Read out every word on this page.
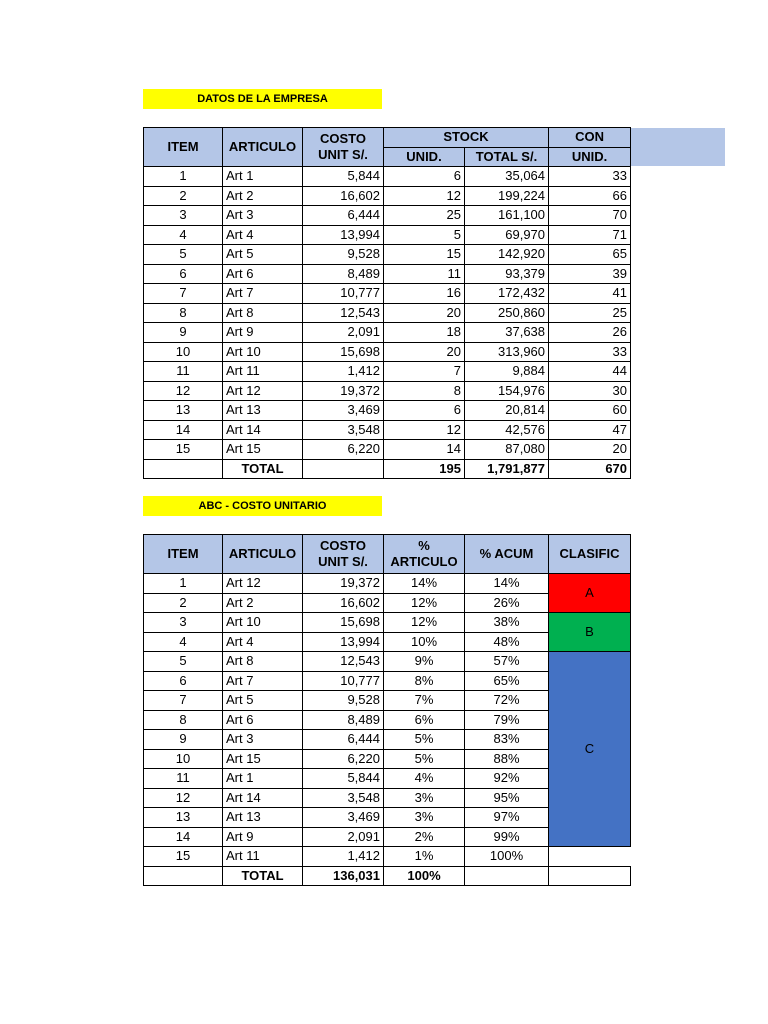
DATOS DE LA EMPRESA
ITEM	ARTICULO	COSTO UNIT S/.	STOCK		CON
			UNID.	TOTAL S/.	UNID.
1	Art 1	5,844	6	35,064	33
2	Art 2	16,602	12	199,224	66
3	Art 3	6,444	25	161,100	70
4	Art 4	13,994	5	69,970	71
5	Art 5	9,528	15	142,920	65
6	Art 6	8,489	11	93,379	39
7	Art 7	10,777	16	172,432	41
8	Art 8	12,543	20	250,860	25
9	Art 9	2,091	18	37,638	26
10	Art 10	15,698	20	313,960	33
11	Art 11	1,412	7	9,884	44
12	Art 12	19,372	8	154,976	30
13	Art 13	3,469	6	20,814	60
14	Art 14	3,548	12	42,576	47
15	Art 15	6,220	14	87,080	20
	TOTAL		195	1,791,877	670
ABC - COSTO UNITARIO
ITEM	ARTICULO	COSTO UNIT S/.	% ARTICULO	% ACUM	CLASIFIC
1	Art 12	19,372	14%	14%	A
2	Art 2	16,602	12%	26%	
3	Art 10	15,698	12%	38%	B
4	Art 4	13,994	10%	48%	
5	Art 8	12,543	9%	57%	C
6	Art 7	10,777	8%	65%	
7	Art 5	9,528	7%	72%	
8	Art 6	8,489	6%	79%	
9	Art 3	6,444	5%	83%	
10	Art 15	6,220	5%	88%	
11	Art 1	5,844	4%	92%	
12	Art 14	3,548	3%	95%	
13	Art 13	3,469	3%	97%	
14	Art 9	2,091	2%	99%	
15	Art 11	1,412	1%	100%	
	TOTAL	136,031	100%		
